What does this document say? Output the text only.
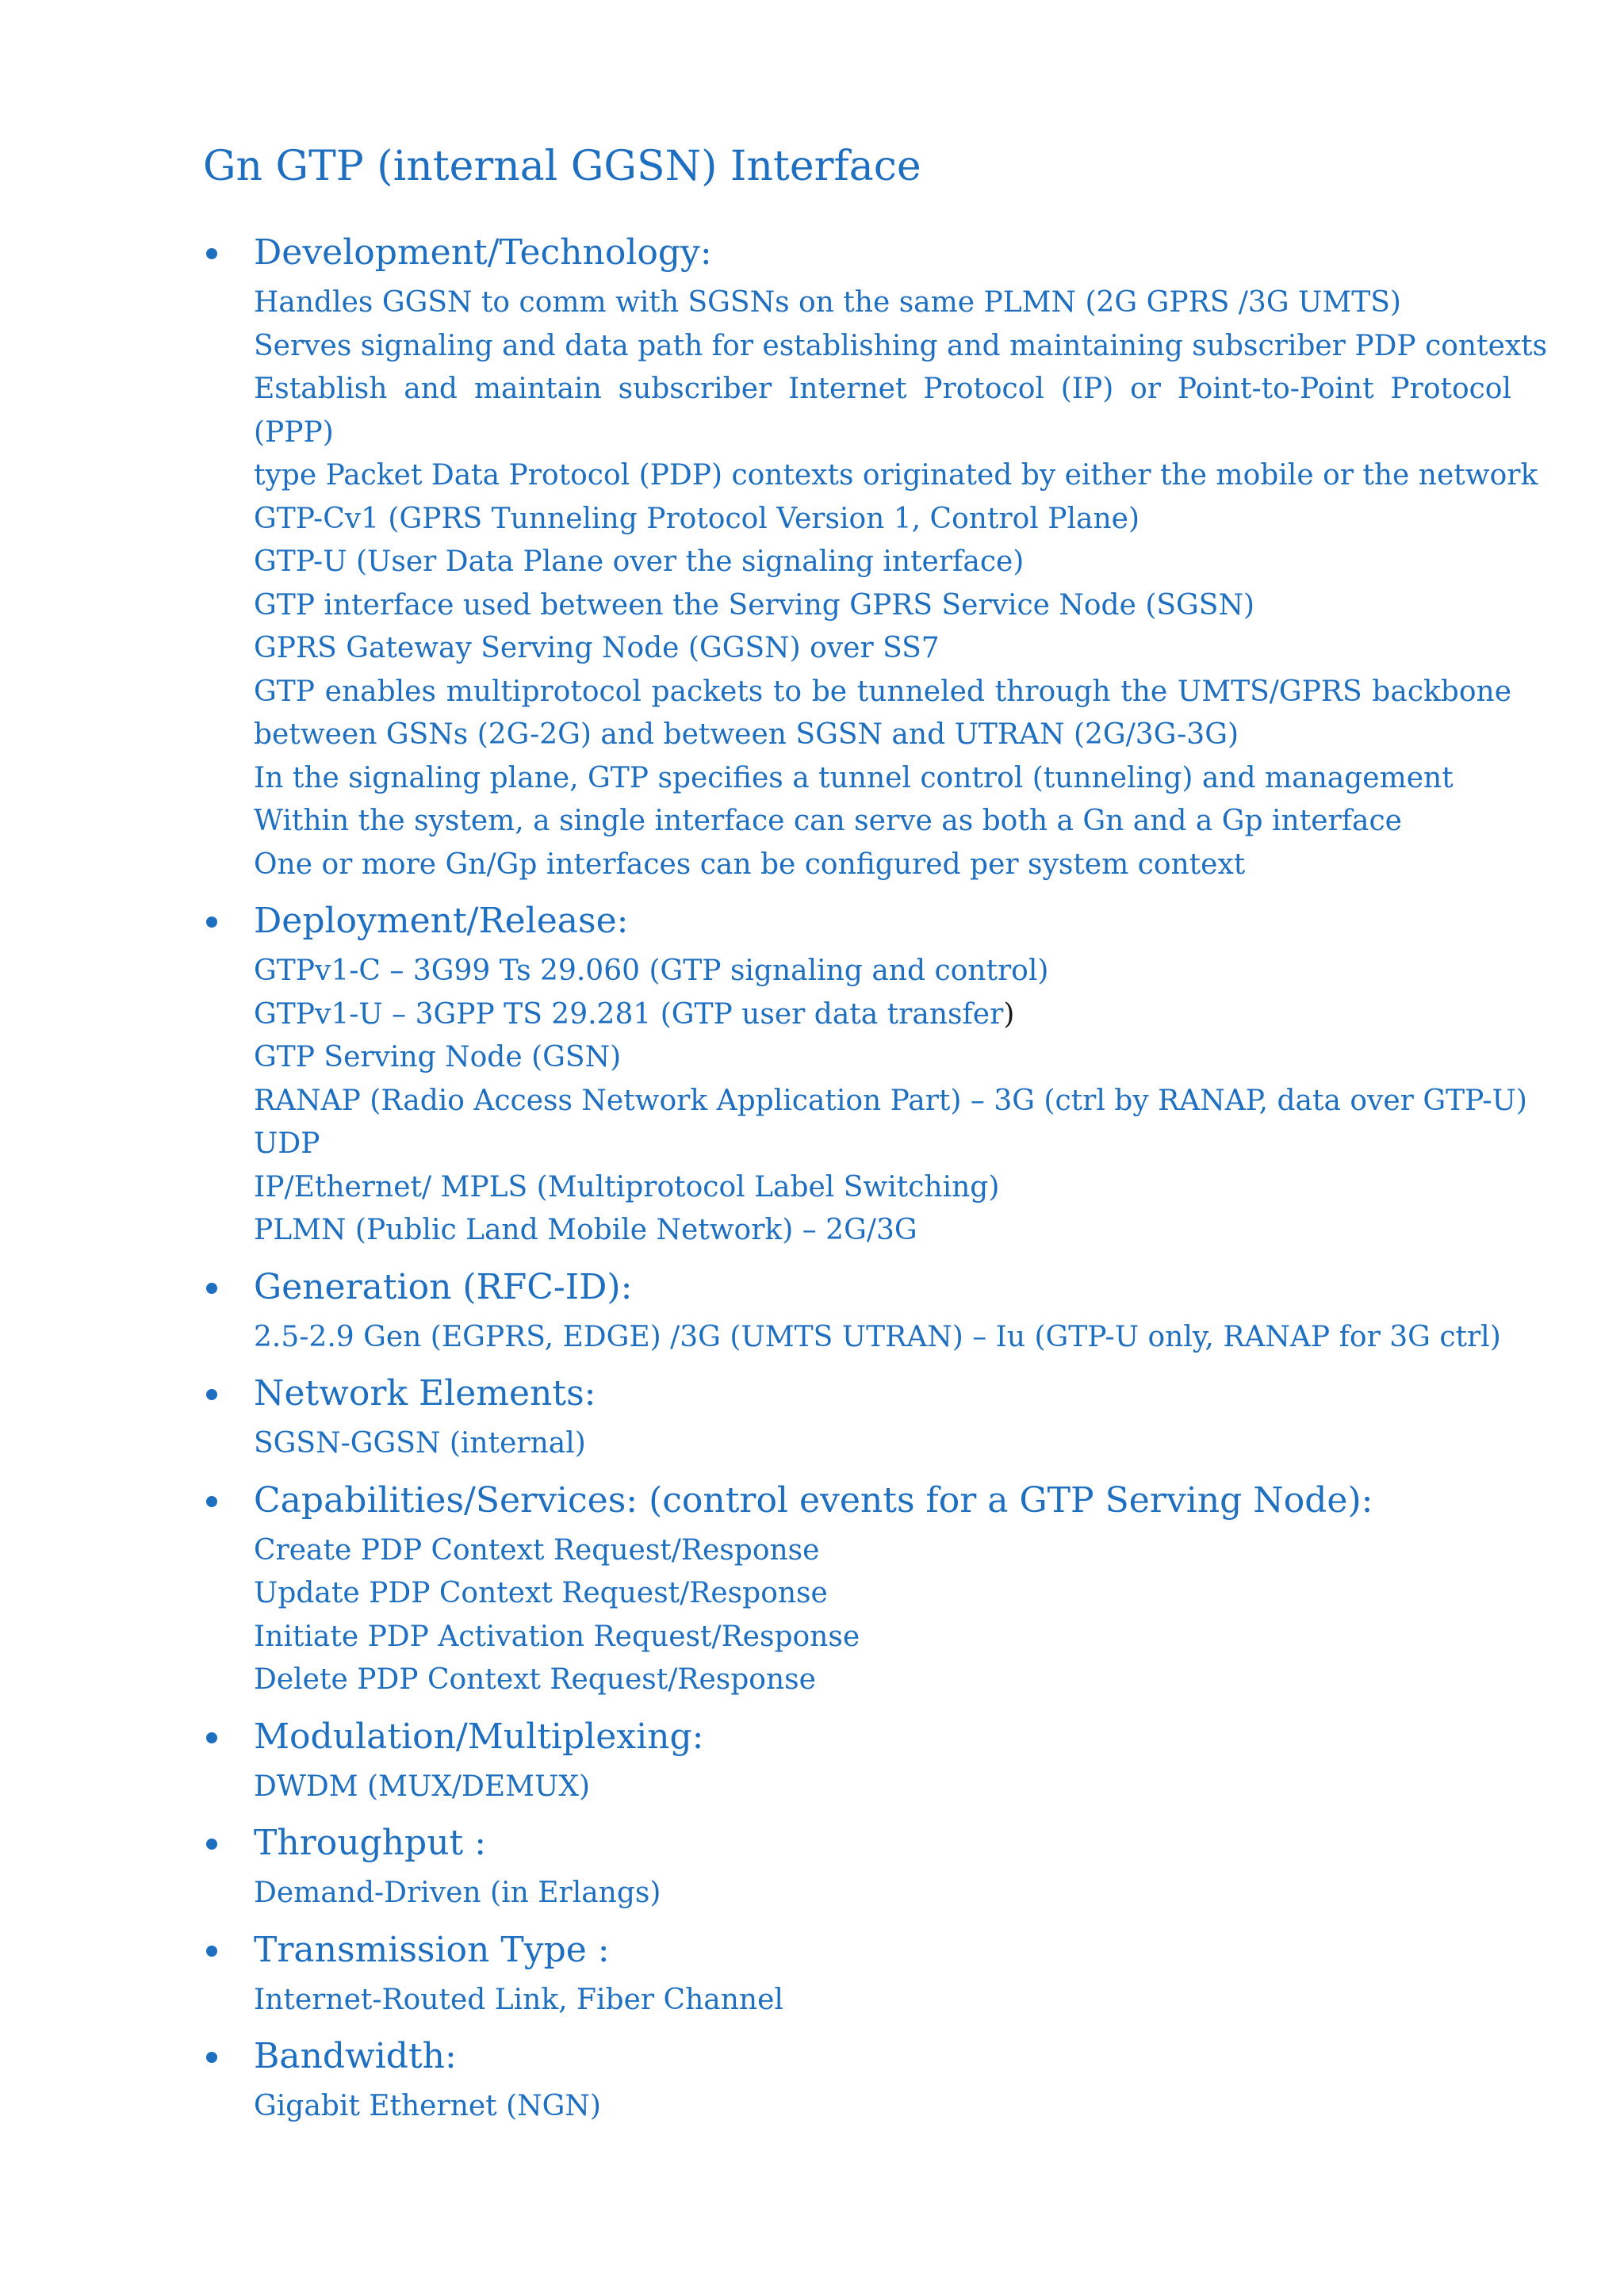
Gn GTP (internal GGSN) Interface
Development/Technology:
Handles GGSN to comm with SGSNs on the same PLMN (2G GPRS /3G UMTS)
Serves signaling and data path for establishing and maintaining subscriber PDP contexts
Establish and maintain subscriber Internet Protocol (IP) or Point-to-Point Protocol (PPP)
type Packet Data Protocol (PDP) contexts originated by either the mobile or the network
GTP-Cv1 (GPRS Tunneling Protocol Version 1, Control Plane)
GTP-U (User Data Plane over the signaling interface)
GTP interface used between the Serving GPRS Service Node (SGSN)
GPRS Gateway Serving Node (GGSN) over SS7
GTP enables multiprotocol packets to be tunneled through the UMTS/GPRS backbone
between GSNs (2G-2G) and between SGSN and UTRAN (2G/3G-3G)
In the signaling plane, GTP specifies a tunnel control (tunneling) and management
Within the system, a single interface can serve as both a Gn and a Gp interface
One or more Gn/Gp interfaces can be configured per system context
Deployment/Release:
GTPv1-C – 3G99 Ts 29.060 (GTP signaling and control)
GTPv1-U – 3GPP TS 29.281 (GTP user data transfer)
GTP Serving Node (GSN)
RANAP (Radio Access Network Application Part) – 3G (ctrl by RANAP, data over GTP-U)
UDP
IP/Ethernet/ MPLS (Multiprotocol Label Switching)
PLMN (Public Land Mobile Network) – 2G/3G
Generation (RFC-ID):
2.5-2.9 Gen (EGPRS, EDGE) /3G (UMTS UTRAN) – Iu (GTP-U only, RANAP for 3G ctrl)
Network Elements:
SGSN-GGSN (internal)
Capabilities/Services: (control events for a GTP Serving Node):
Create PDP Context Request/Response
Update PDP Context Request/Response
Initiate PDP Activation Request/Response
Delete PDP Context Request/Response
Modulation/Multiplexing:
DWDM (MUX/DEMUX)
Throughput :
Demand-Driven (in Erlangs)
Transmission Type :
Internet-Routed Link, Fiber Channel
Bandwidth:
Gigabit Ethernet (NGN)
